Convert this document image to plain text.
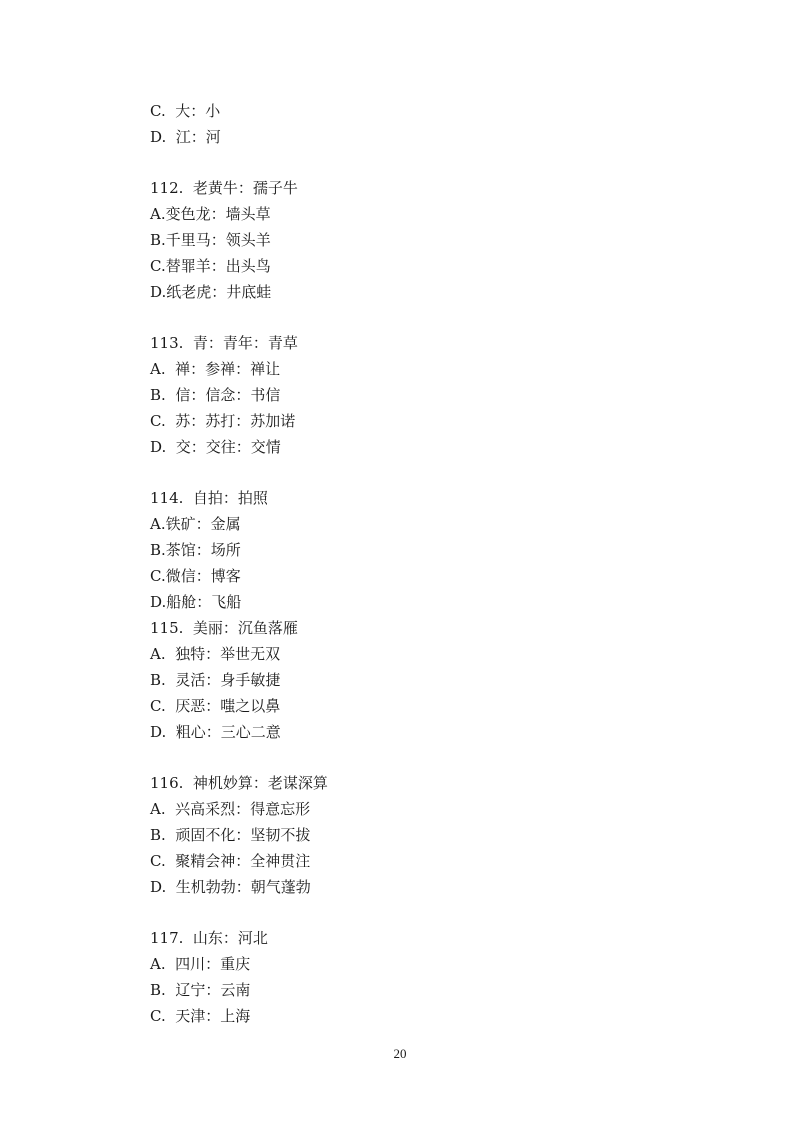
C.  大：小
D.  江：河
112.  老黄牛：孺子牛
A.变色龙：墙头草
B.千里马：领头羊
C.替罪羊：出头鸟
D.纸老虎：井底蛙
113.  青：青年：青草
A.  禅：参禅：禅让
B.  信：信念：书信
C.  苏：苏打：苏加诺
D.  交：交往：交情
114.  自拍：拍照
A.铁矿：金属
B.茶馆：场所
C.微信：博客
D.船舱：飞船
115.  美丽：沉鱼落雁
A.  独特：举世无双
B.  灵活：身手敏捷
C.  厌恶：嗤之以鼻
D.  粗心：三心二意
116.  神机妙算：老谋深算
A.  兴高采烈：得意忘形
B.  顽固不化：坚韧不拔
C.  聚精会神：全神贯注
D.  生机勃勃：朝气蓬勃
117.  山东：河北
A.  四川：重庆
B.  辽宁：云南
C.  天津：上海
20
